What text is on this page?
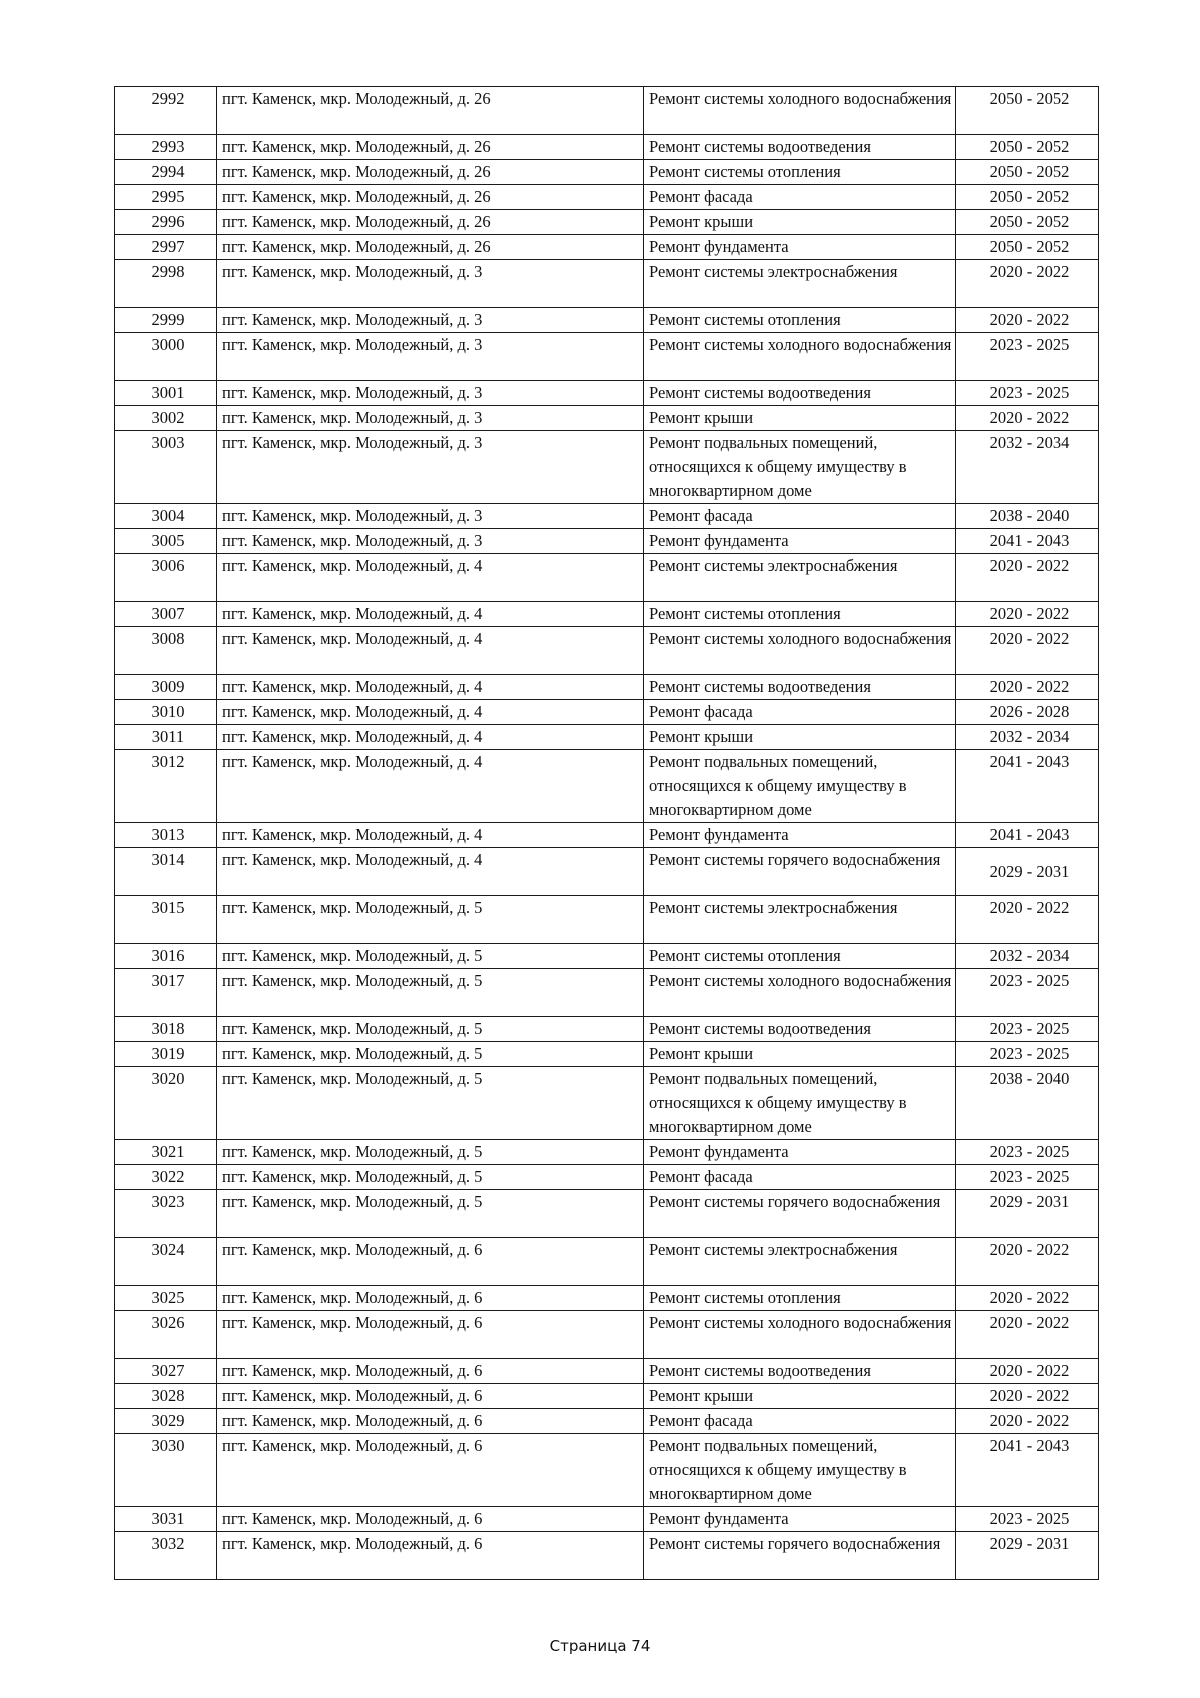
2992	пгт. Каменск, мкр. Молодежный, д. 26	Ремонт системы холодного водоснабжения	2050 - 2052
2993	пгт. Каменск, мкр. Молодежный, д. 26	Ремонт системы водоотведения	2050 - 2052
2994	пгт. Каменск, мкр. Молодежный, д. 26	Ремонт системы отопления	2050 - 2052
2995	пгт. Каменск, мкр. Молодежный, д. 26	Ремонт фасада	2050 - 2052
2996	пгт. Каменск, мкр. Молодежный, д. 26	Ремонт крыши	2050 - 2052
2997	пгт. Каменск, мкр. Молодежный, д. 26	Ремонт фундамента	2050 - 2052
2998	пгт. Каменск, мкр. Молодежный, д. 3	Ремонт системы электроснабжения	2020 - 2022
2999	пгт. Каменск, мкр. Молодежный, д. 3	Ремонт системы отопления	2020 - 2022
3000	пгт. Каменск, мкр. Молодежный, д. 3	Ремонт системы холодного водоснабжения	2023 - 2025
3001	пгт. Каменск, мкр. Молодежный, д. 3	Ремонт системы водоотведения	2023 - 2025
3002	пгт. Каменск, мкр. Молодежный, д. 3	Ремонт крыши	2020 - 2022
3003	пгт. Каменск, мкр. Молодежный, д. 3	Ремонт подвальных помещений, относящихся к общему имуществу в многоквартирном доме	2032 - 2034
3004	пгт. Каменск, мкр. Молодежный, д. 3	Ремонт фасада	2038 - 2040
3005	пгт. Каменск, мкр. Молодежный, д. 3	Ремонт фундамента	2041 - 2043
3006	пгт. Каменск, мкр. Молодежный, д. 4	Ремонт системы электроснабжения	2020 - 2022
3007	пгт. Каменск, мкр. Молодежный, д. 4	Ремонт системы отопления	2020 - 2022
3008	пгт. Каменск, мкр. Молодежный, д. 4	Ремонт системы холодного водоснабжения	2020 - 2022
3009	пгт. Каменск, мкр. Молодежный, д. 4	Ремонт системы водоотведения	2020 - 2022
3010	пгт. Каменск, мкр. Молодежный, д. 4	Ремонт фасада	2026 - 2028
3011	пгт. Каменск, мкр. Молодежный, д. 4	Ремонт крыши	2032 - 2034
3012	пгт. Каменск, мкр. Молодежный, д. 4	Ремонт подвальных помещений, относящихся к общему имуществу в многоквартирном доме	2041 - 2043
3013	пгт. Каменск, мкр. Молодежный, д. 4	Ремонт фундамента	2041 - 2043
3014	пгт. Каменск, мкр. Молодежный, д. 4	Ремонт системы горячего водоснабжения	2029 - 2031
3015	пгт. Каменск, мкр. Молодежный, д. 5	Ремонт системы электроснабжения	2020 - 2022
3016	пгт. Каменск, мкр. Молодежный, д. 5	Ремонт системы отопления	2032 - 2034
3017	пгт. Каменск, мкр. Молодежный, д. 5	Ремонт системы холодного водоснабжения	2023 - 2025
3018	пгт. Каменск, мкр. Молодежный, д. 5	Ремонт системы водоотведения	2023 - 2025
3019	пгт. Каменск, мкр. Молодежный, д. 5	Ремонт крыши	2023 - 2025
3020	пгт. Каменск, мкр. Молодежный, д. 5	Ремонт подвальных помещений, относящихся к общему имуществу в многоквартирном доме	2038 - 2040
3021	пгт. Каменск, мкр. Молодежный, д. 5	Ремонт фундамента	2023 - 2025
3022	пгт. Каменск, мкр. Молодежный, д. 5	Ремонт фасада	2023 - 2025
3023	пгт. Каменск, мкр. Молодежный, д. 5	Ремонт системы горячего водоснабжения	2029 - 2031
3024	пгт. Каменск, мкр. Молодежный, д. 6	Ремонт системы электроснабжения	2020 - 2022
3025	пгт. Каменск, мкр. Молодежный, д. 6	Ремонт системы отопления	2020 - 2022
3026	пгт. Каменск, мкр. Молодежный, д. 6	Ремонт системы холодного водоснабжения	2020 - 2022
3027	пгт. Каменск, мкр. Молодежный, д. 6	Ремонт системы водоотведения	2020 - 2022
3028	пгт. Каменск, мкр. Молодежный, д. 6	Ремонт крыши	2020 - 2022
3029	пгт. Каменск, мкр. Молодежный, д. 6	Ремонт фасада	2020 - 2022
3030	пгт. Каменск, мкр. Молодежный, д. 6	Ремонт подвальных помещений, относящихся к общему имуществу в многоквартирном доме	2041 - 2043
3031	пгт. Каменск, мкр. Молодежный, д. 6	Ремонт фундамента	2023 - 2025
3032	пгт. Каменск, мкр. Молодежный, д. 6	Ремонт системы горячего водоснабжения	2029 - 2031
Страница 74
